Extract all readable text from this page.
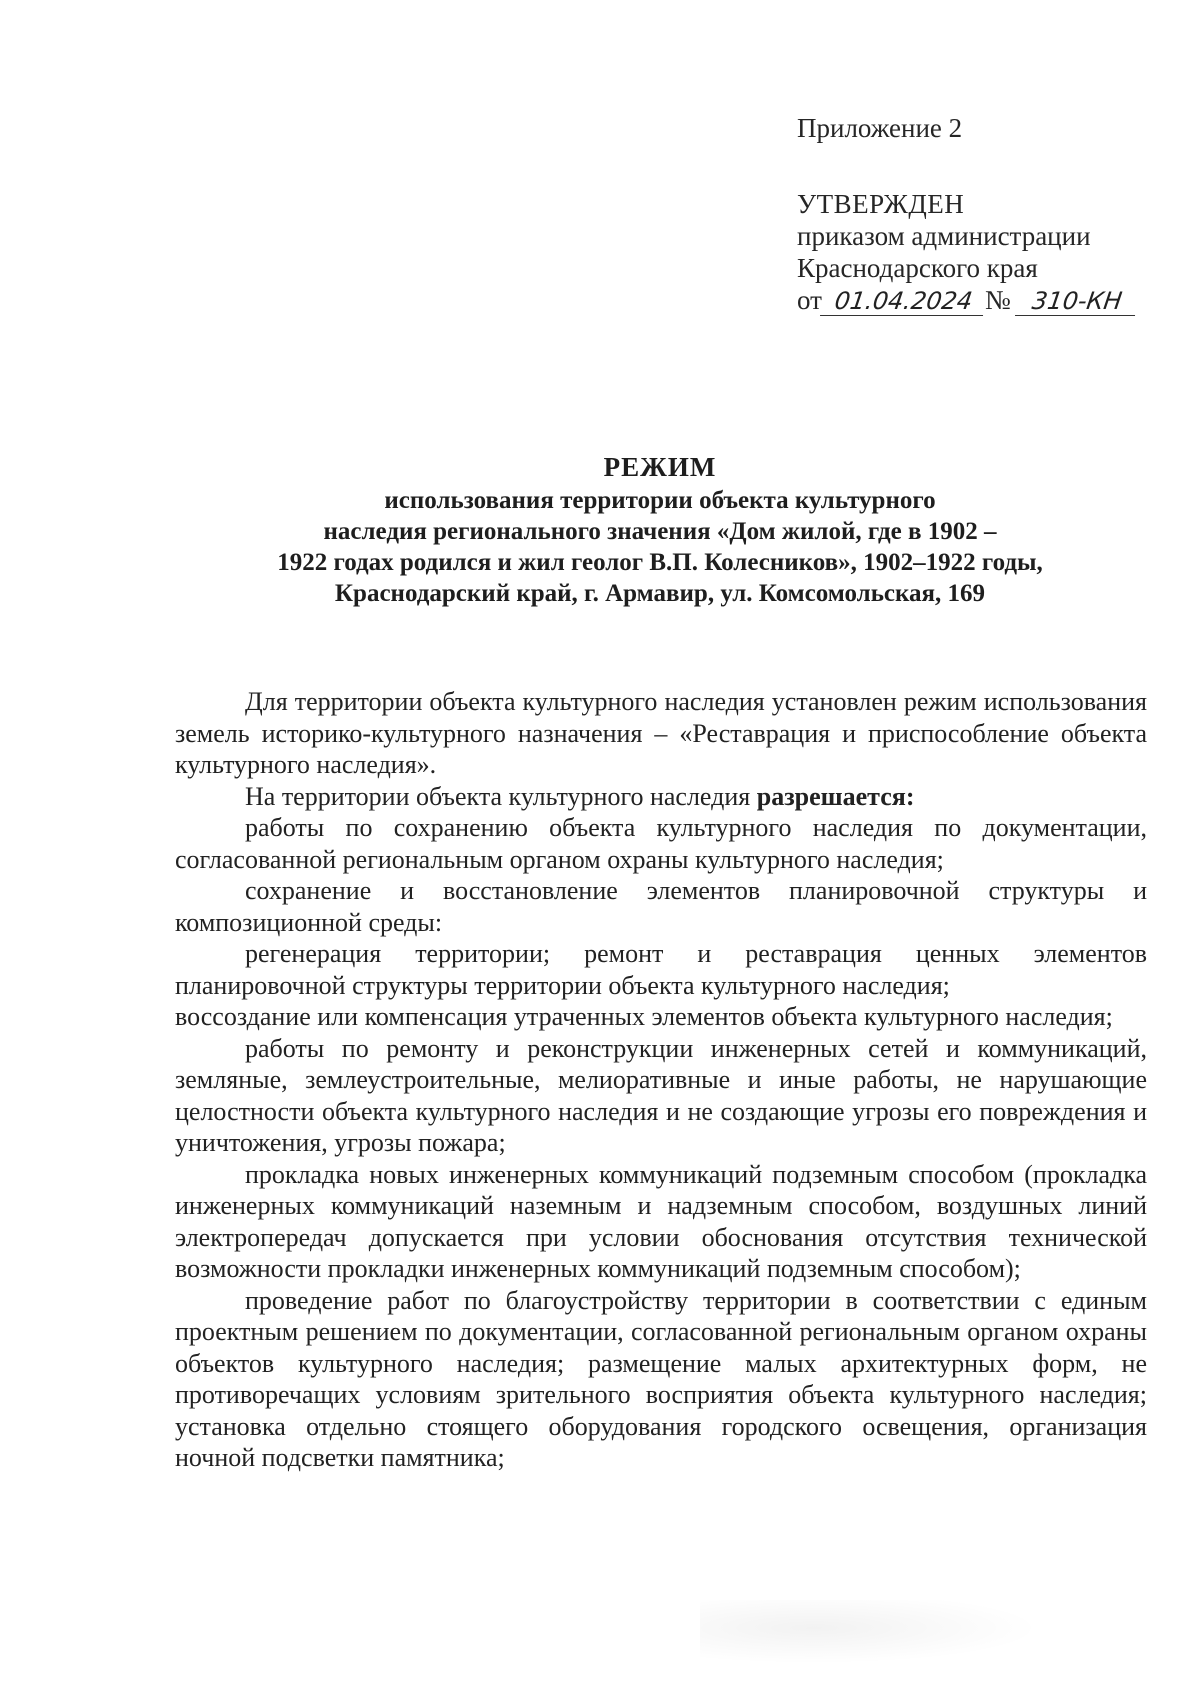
Приложение 2
УТВЕРЖДЕН
приказом администрации
Краснодарского края
от 01.04.2024 № 310-КН
РЕЖИМ
использования территории объекта культурного
наследия регионального значения «Дом жилой, где в 1902 –
1922 годах родился и жил геолог В.П. Колесников», 1902–1922 годы,
Краснодарский край, г. Армавир, ул. Комсомольская, 169

Для территории объекта культурного наследия установлен режим использования земель историко-культурного назначения – «Реставрация и приспособление объекта культурного наследия».

На территории объекта культурного наследия разрешается:

работы по сохранению объекта культурного наследия по документации, согласованной региональным органом охраны культурного наследия;

сохранение и восстановление элементов планировочной структуры и композиционной среды:

регенерация территории; ремонт и реставрация ценных элементов планировочной структуры территории объекта культурного наследия;

воссоздание или компенсация утраченных элементов объекта культурного наследия;

работы по ремонту и реконструкции инженерных сетей и коммуникаций, земляные, землеустроительные, мелиоративные и иные работы, не нарушающие целостности объекта культурного наследия и не создающие угрозы его повреждения и уничтожения, угрозы пожара;

прокладка новых инженерных коммуникаций подземным способом (прокладка инженерных коммуникаций наземным и надземным способом, воздушных линий электропередач допускается при условии обоснования отсутствия технической возможности прокладки инженерных коммуникаций подземным способом);

проведение работ по благоустройству территории в соответствии с единым проектным решением по документации, согласованной региональным органом охраны объектов культурного наследия; размещение малых архитектурных форм, не противоречащих условиям зрительного восприятия объекта культурного наследия; установка отдельно стоящего оборудования городского освещения, организация ночной подсветки памятника;
